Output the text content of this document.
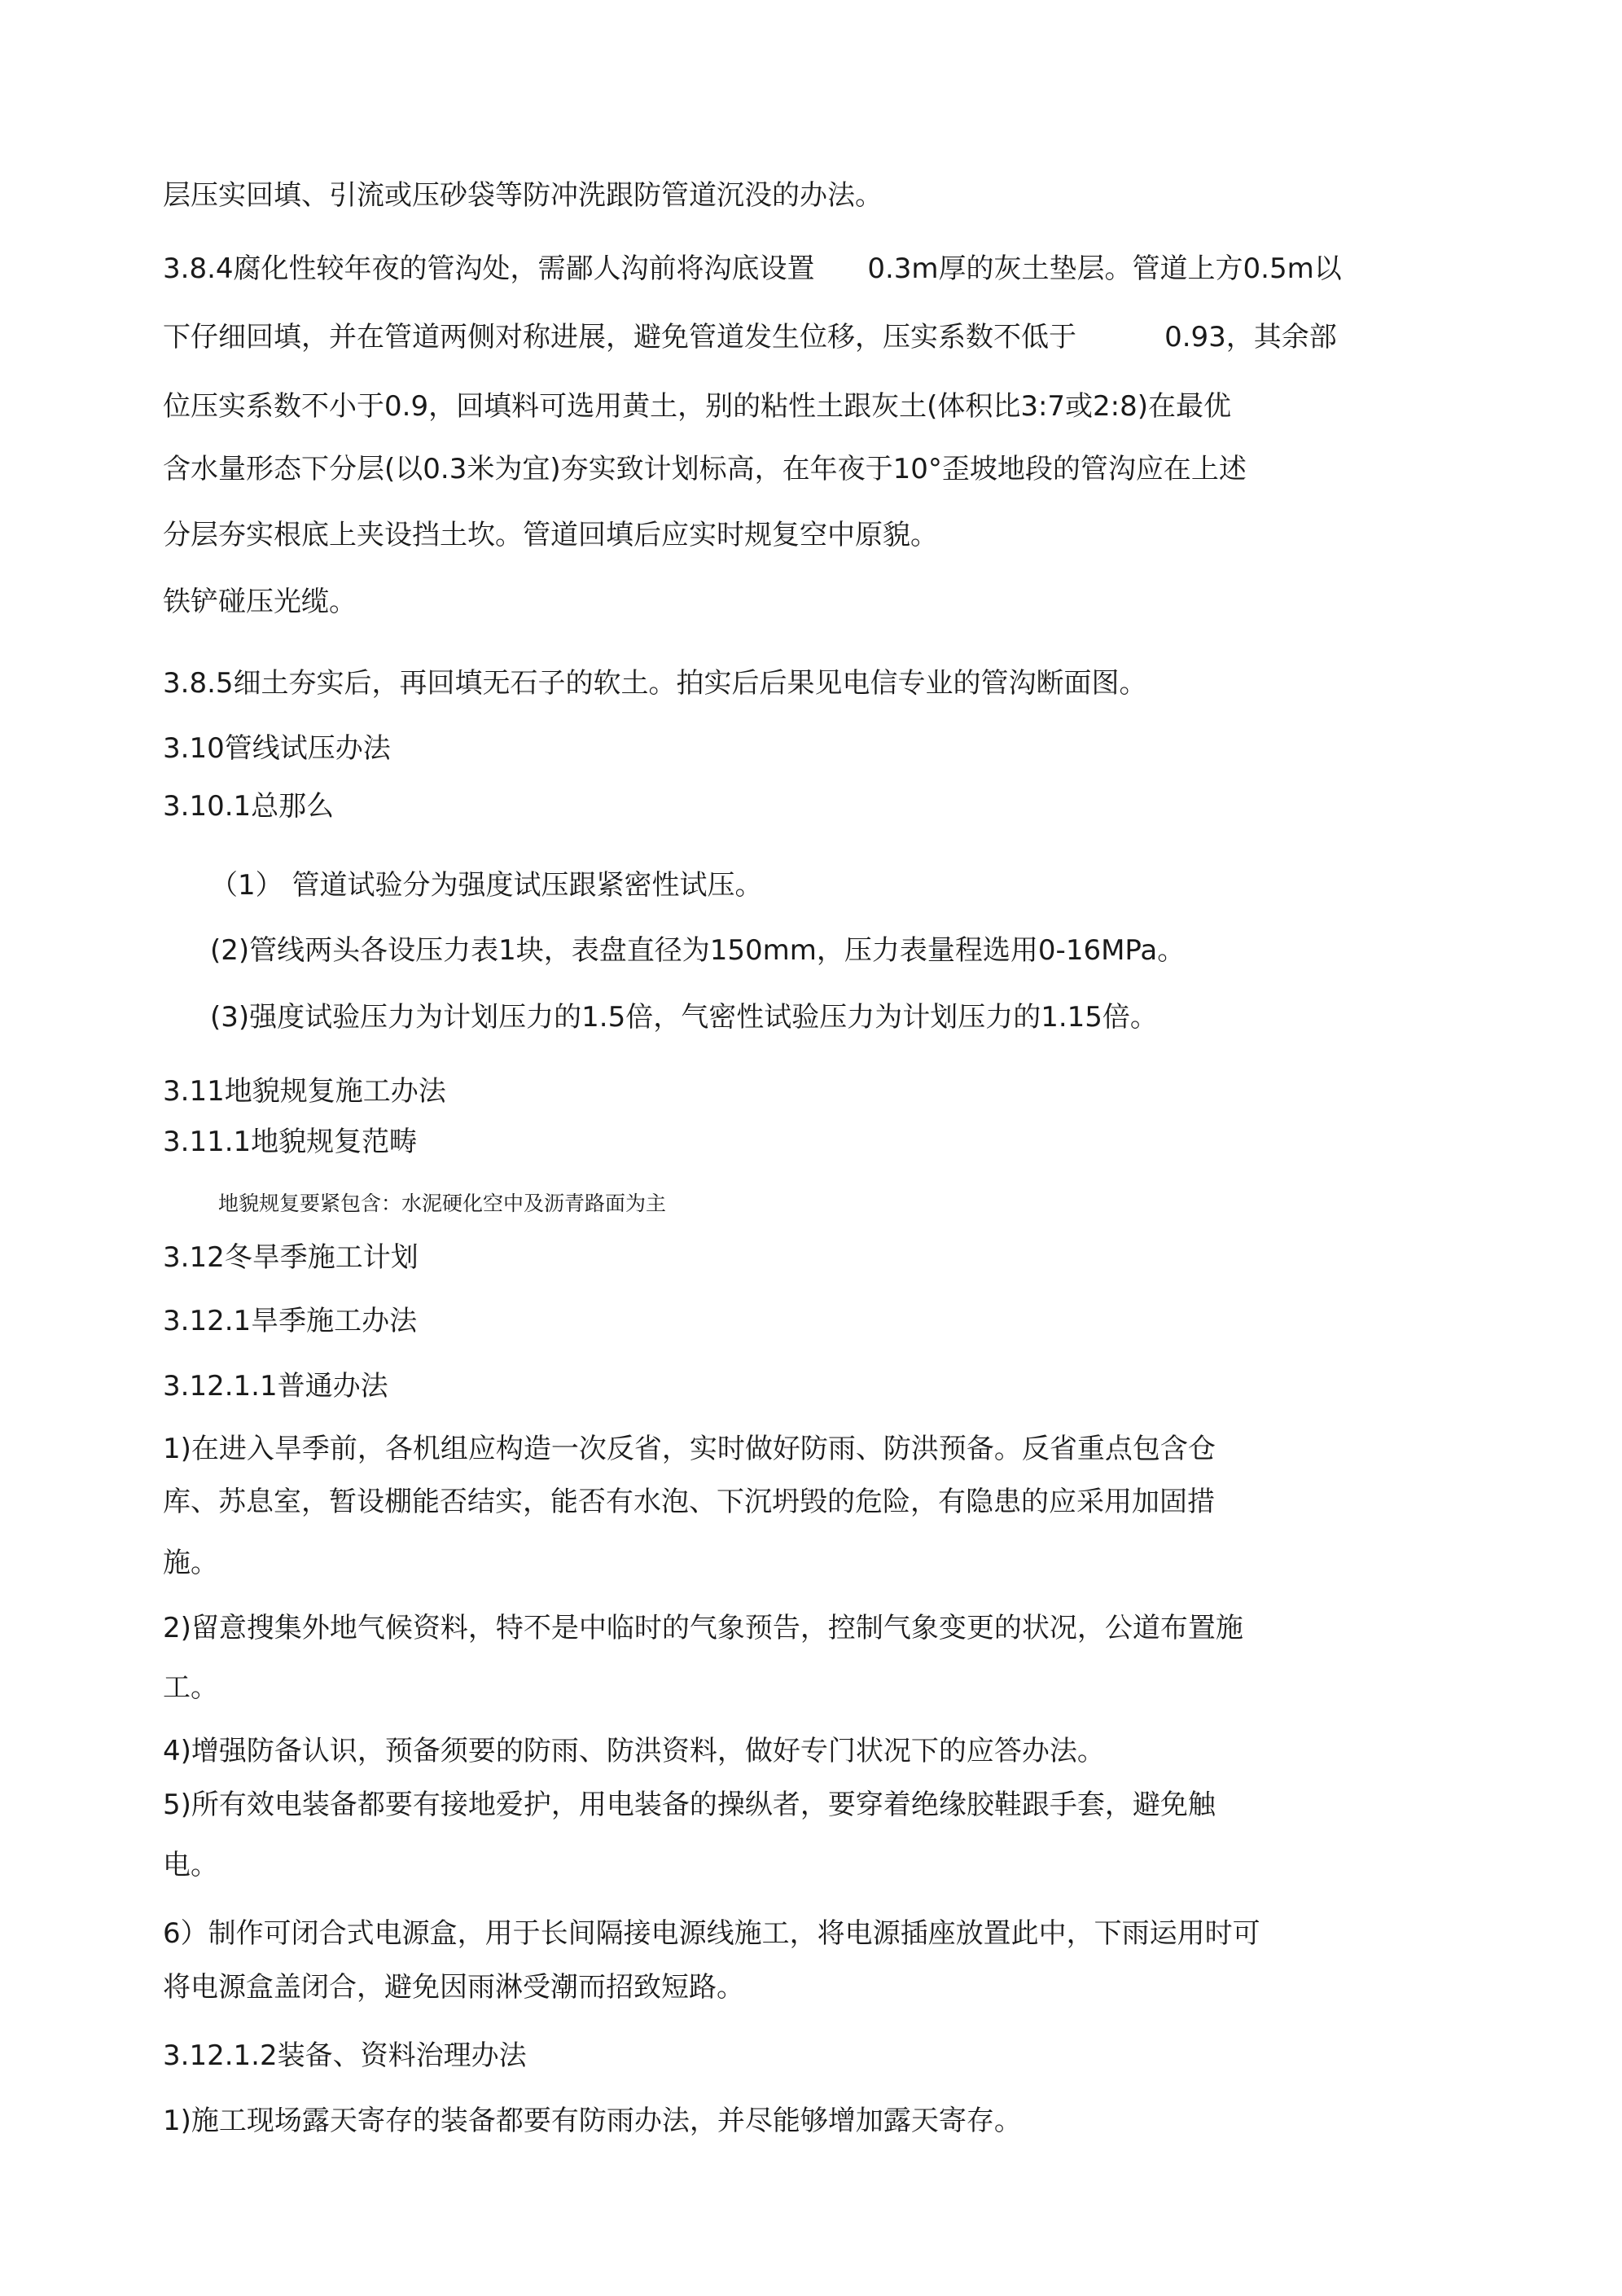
层压实回填、引流或压砂袋等防冲洗跟防管道沉没的办法。
3.8.4腐化性较年夜的管沟处，需鄙人沟前将沟底设置      0.3m厚的灰土垫层。管道上方0.5m以
下仔细回填，并在管道两侧对称进展，避免管道发生位移，压实系数不低于          0.93，其余部
位压实系数不小于0.9，回填料可选用黄土，别的粘性土跟灰土(体积比3:7或2:8)在最优
含水量形态下分层(以0.3米为宜)夯实致计划标高，在年夜于10°歪坡地段的管沟应在上述
分层夯实根底上夹设挡土坎。管道回填后应实时规复空中原貌。
铁铲碰压光缆。
3.8.5细土夯实后，再回填无石子的软土。拍实后后果见电信专业的管沟断面图。
3.10管线试压办法
3.10.1总那么
（1） 管道试验分为强度试压跟紧密性试压。
(2)管线两头各设压力表1块，表盘直径为150mm，压力表量程选用0-16MPa。
(3)强度试验压力为计划压力的1.5倍，气密性试验压力为计划压力的1.15倍。
3.11地貌规复施工办法
3.11.1地貌规复范畴
地貌规复要紧包含：水泥硬化空中及沥青路面为主
3.12冬旱季施工计划
3.12.1旱季施工办法
3.12.1.1普通办法
1)在进入旱季前，各机组应构造一次反省，实时做好防雨、防洪预备。反省重点包含仓
库、苏息室，暂设棚能否结实，能否有水泡、下沉坍毁的危险，有隐患的应采用加固措
施。
2)留意搜集外地气候资料，特不是中临时的气象预告，控制气象变更的状况，公道布置施
工。
4)增强防备认识，预备须要的防雨、防洪资料，做好专门状况下的应答办法。
5)所有效电装备都要有接地爱护，用电装备的操纵者，要穿着绝缘胶鞋跟手套，避免触
电。
6）制作可闭合式电源盒，用于长间隔接电源线施工，将电源插座放置此中，下雨运用时可
将电源盒盖闭合，避免因雨淋受潮而招致短路。
3.12.1.2装备、资料治理办法
1)施工现场露天寄存的装备都要有防雨办法，并尽能够增加露天寄存。
